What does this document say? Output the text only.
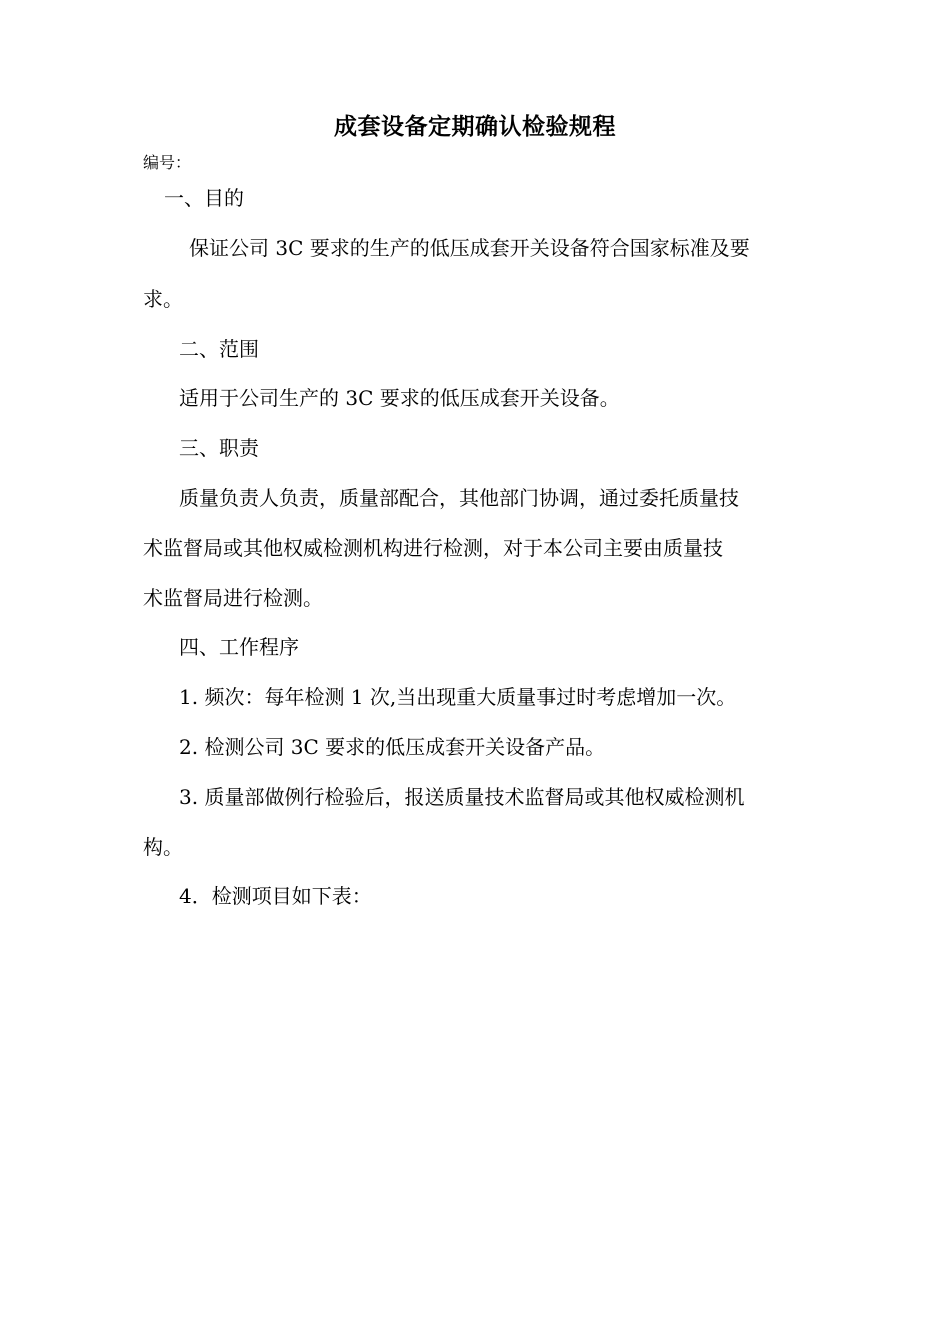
成套设备定期确认检验规程
编号：
一、目的
保证公司 3C 要求的生产的低压成套开关设备符合国家标准及要
求。
二、范围
适用于公司生产的 3C 要求的低压成套开关设备。
三、职责
质量负责人负责，质量部配合，其他部门协调，通过委托质量技
术监督局或其他权威检测机构进行检测，对于本公司主要由质量技
术监督局进行检测。
四、工作程序
1. 频次：每年检测 1 次,当出现重大质量事过时考虑增加一次。
2. 检测公司 3C 要求的低压成套开关设备产品。
3. 质量部做例行检验后，报送质量技术监督局或其他权威检测机
构。
4．检测项目如下表：
